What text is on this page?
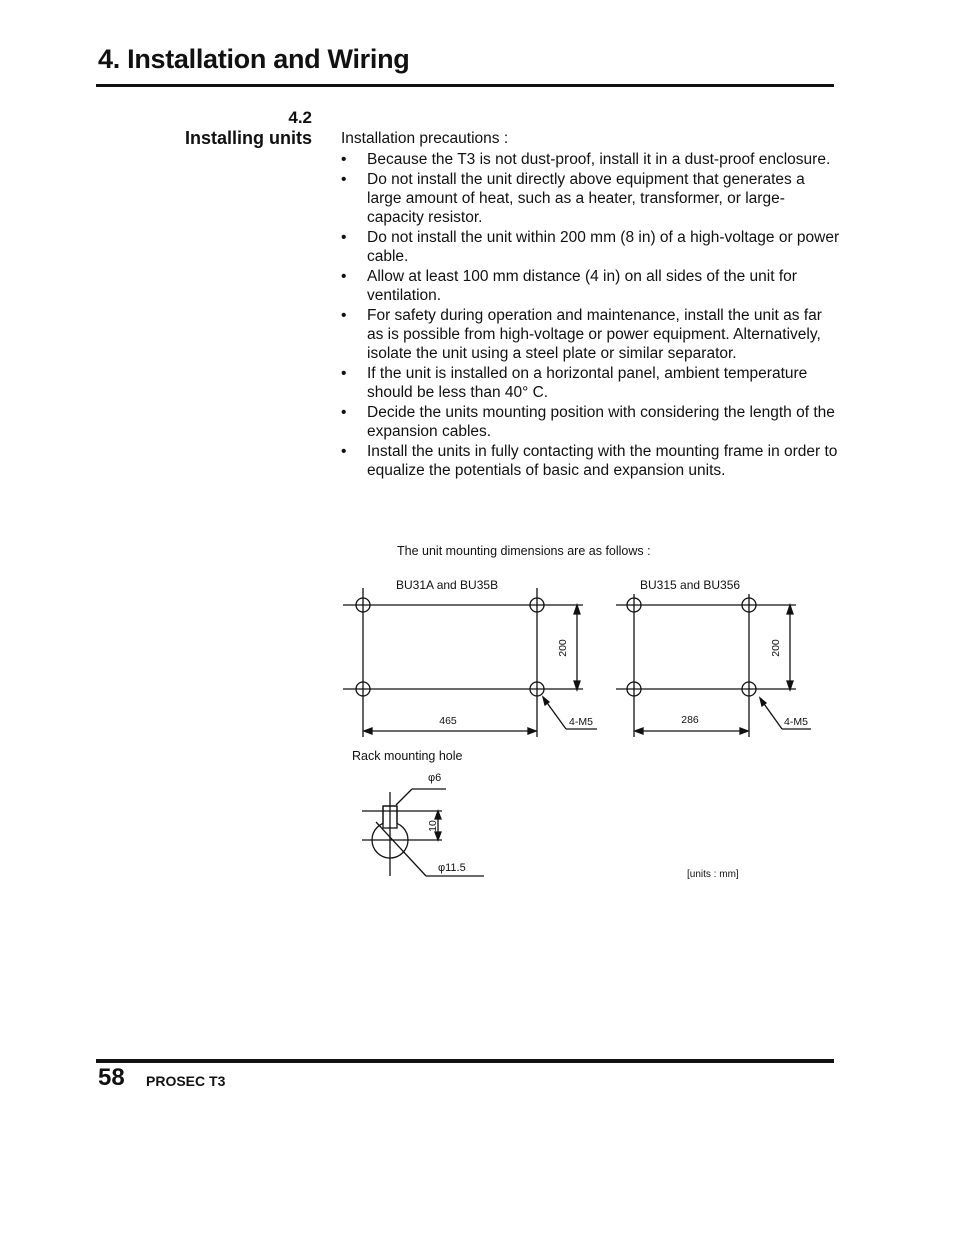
4. Installation and Wiring
4.2
Installing units Installation precautions :
• Because the T3 is not dust-proof, install it in a dust-proof enclosure.
• Do not install the unit directly above equipment that generates a large amount of heat, such as a heater, transformer, or large-capacity resistor.
• Do not install the unit within 200 mm (8 in) of a high-voltage or power cable.
• Allow at least 100 mm distance (4 in) on all sides of the unit for ventilation.
• For safety during operation and maintenance, install the unit as far as is possible from high-voltage or power equipment. Alternatively, isolate the unit using a steel plate or similar separator.
• If the unit is installed on a horizontal panel, ambient temperature should be less than 40° C.
• Decide the units mounting position with considering the length of the expansion cables.
• Install the units in fully contacting with the mounting frame in order to equalize the potentials of basic and expansion units.
The unit mounting dimensions are as follows :
BU31A and BU35B
465
200
4-M5
BU315 and BU356
286
200
4-M5
Rack mounting hole
φ6
10
φ11.5
[units : mm]
58 PROSEC T3
